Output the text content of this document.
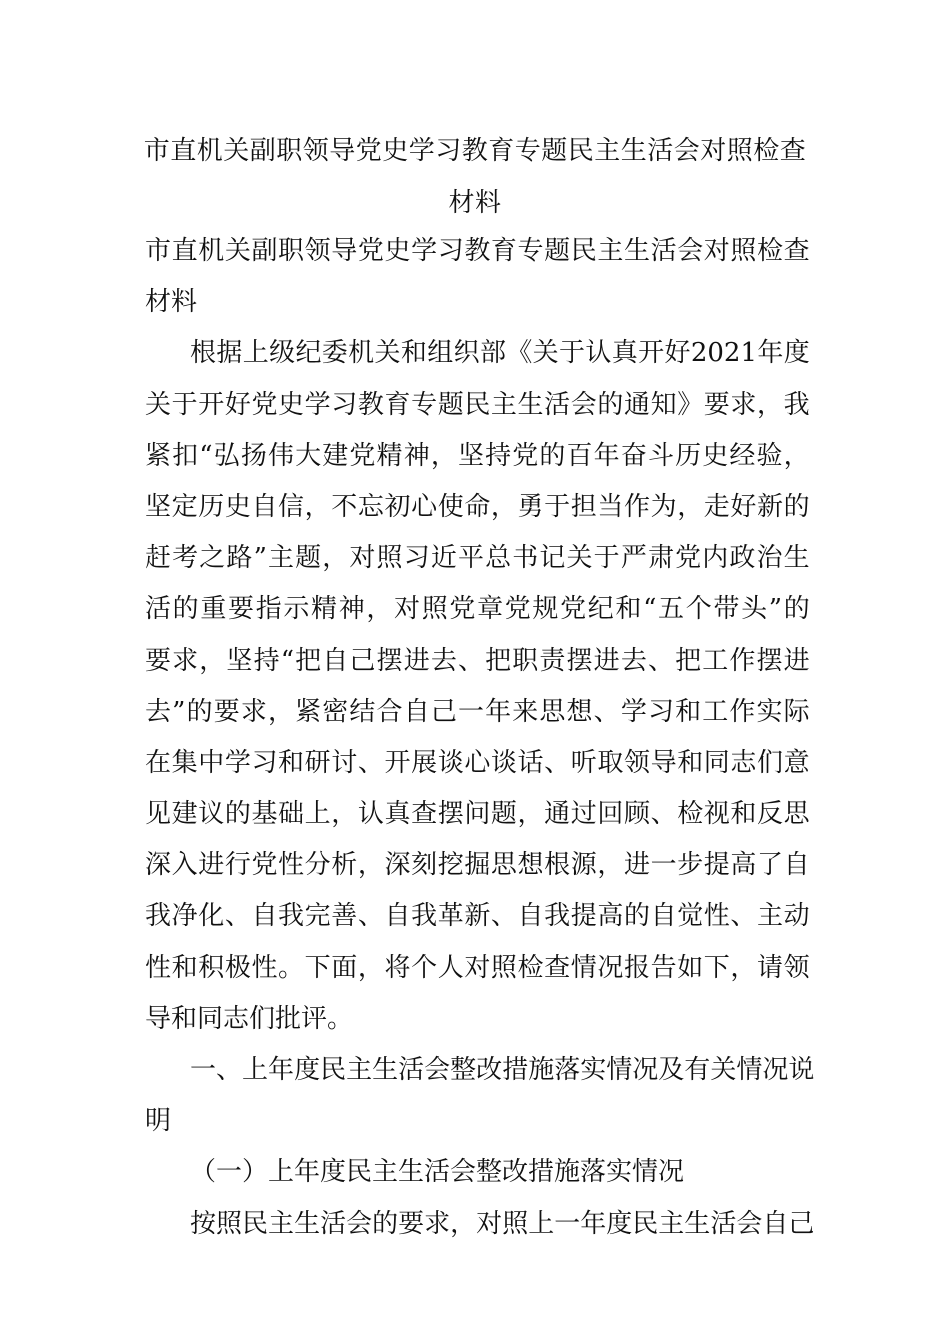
市直机关副职领导党史学习教育专题民主生活会对照检查
材料
市 直 机 关 副 职 领 导 党 史 学 习 教 育 专 题 民 主 生 活 会 对 照 检 查
材料
根 据 上 级 纪 委 机 关 和 组 织 部 《 关 于 认 真 开 好 2021 年 度
关 于 开 好 党 史 学 习 教 育 专 题 民 主 生 活 会 的 通 知 》 要 求 ， 我
紧 扣 “ 弘 扬 伟 大 建 党 精 神 ， 坚 持 党 的 百 年 奋 斗 历 史 经 验 ，
坚 定 历 史 自 信 ， 不 忘 初 心 使 命 ， 勇 于 担 当 作 为 ， 走 好 新 的
赶 考 之 路 ” 主 题 ， 对 照 习 近 平 总 书 记 关 于 严 肃 党 内 政 治 生
活 的 重 要 指 示 精 神 ， 对 照 党 章 党 规 党 纪 和 “ 五 个 带 头 ” 的
要 求 ， 坚 持 “ 把 自 己 摆 进 去 、 把 职 责 摆 进 去 、 把 工 作 摆 进
去 ” 的 要 求 ， 紧 密 结 合 自 己 一 年 来 思 想 、 学 习 和 工 作 实 际
在 集 中 学 习 和 研 讨 、 开 展 谈 心 谈 话 、 听 取 领 导 和 同 志 们 意
见 建 议 的 基 础 上 ， 认 真 查 摆 问 题 ， 通 过 回 顾 、 检 视 和 反 思
深 入 进 行 党 性 分 析 ， 深 刻 挖 掘 思 想 根 源 ， 进 一 步 提 高 了 自
我 净 化 、 自 我 完 善 、 自 我 革 新 、 自 我 提 高 的 自 觉 性 、 主 动
性 和 积 极 性 。 下 面 ， 将 个 人 对 照 检 查 情 况 报 告 如 下 ， 请 领
导和同志们批评。
一 、 上 年 度 民 主 生 活 会 整 改 措 施 落 实 情 况 及 有 关 情 况 说
明
（一）上年度民主生活会整改措施落实情况
按 照 民 主 生 活 会 的 要 求 ， 对 照 上 一 年 度 民 主 生 活 会 自 己
